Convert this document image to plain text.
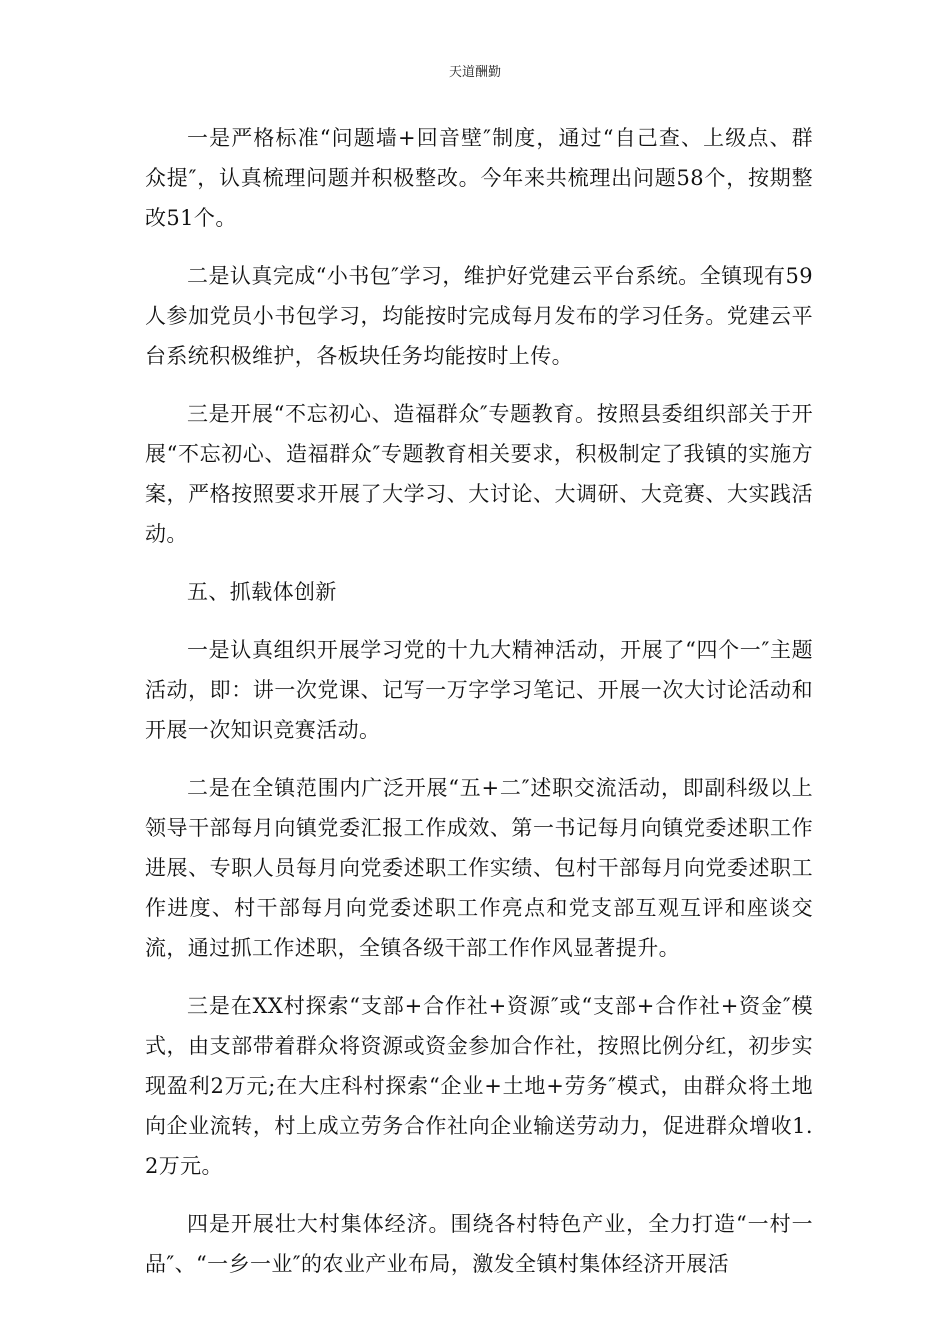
天道酬勤

一是严格标准“问题墙+回音壁″制度，通过“自己查、上级点、群众提″，认真梳理问题并积极整改。今年来共梳理出问题58个，按期整改51个。

二是认真完成“小书包″学习，维护好党建云平台系统。全镇现有59人参加党员小书包学习，均能按时完成每月发布的学习任务。党建云平台系统积极维护，各板块任务均能按时上传。

三是开展“不忘初心、造福群众″专题教育。按照县委组织部关于开展“不忘初心、造福群众″专题教育相关要求，积极制定了我镇的实施方案，严格按照要求开展了大学习、大讨论、大调研、大竞赛、大实践活动。

五、抓载体创新

一是认真组织开展学习党的十九大精神活动，开展了“四个一″主题活动，即：讲一次党课、记写一万字学习笔记、开展一次大讨论活动和开展一次知识竞赛活动。

二是在全镇范围内广泛开展“五+二″述职交流活动，即副科级以上领导干部每月向镇党委汇报工作成效、第一书记每月向镇党委述职工作进展、专职人员每月向党委述职工作实绩、包村干部每月向党委述职工作进度、村干部每月向党委述职工作亮点和党支部互观互评和座谈交流，通过抓工作述职，全镇各级干部工作作风显著提升。

三是在XX村探索“支部+合作社+资源″或“支部+合作社+资金″模式，由支部带着群众将资源或资金参加合作社，按照比例分红，初步实现盈利2万元;在大庄科村探索“企业+土地+劳务″模式，由群众将土地向企业流转，村上成立劳务合作社向企业输送劳动力，促进群众增收1.2万元。

四是开展壮大村集体经济。围绕各村特色产业，全力打造“一村一品″、“一乡一业″的农业产业布局，激发全镇村集体经济开展活
